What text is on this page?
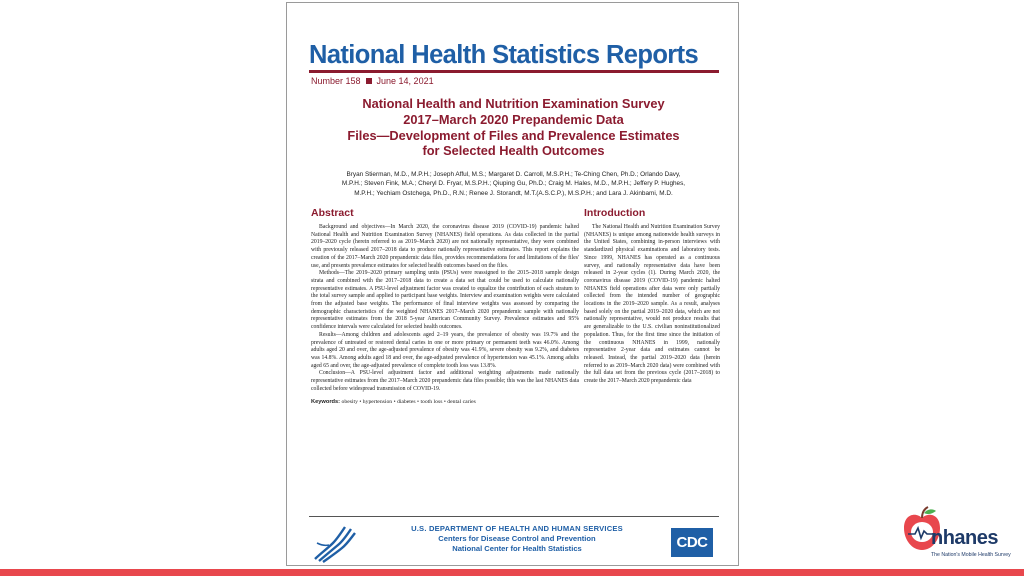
National Health Statistics Reports
Number 158 June 14, 2021
National Health and Nutrition Examination Survey
2017–March 2020 Prepandemic Data
Files—Development of Files and Prevalence Estimates
for Selected Health Outcomes
Bryan Stierman, M.D., M.P.H.; Joseph Afful, M.S.; Margaret D. Carroll, M.S.P.H.; Te-Ching Chen, Ph.D.; Orlando Davy,
M.P.H.; Steven Fink, M.A.; Cheryl D. Fryar, M.S.P.H.; Qiuping Gu, Ph.D.; Craig M. Hales, M.D., M.P.H.; Jeffery P. Hughes,
M.P.H.; Yechiam Ostchega, Ph.D., R.N.; Renee J. Storandt, M.T.(A.S.C.P.), M.S.P.H.; and Lara J. Akinbami, M.D.
Abstract

Background and objectives—In March 2020, the coronavirus disease 2019 (COVID-19) pandemic halted National Health and Nutrition Examination Survey (NHANES) field operations. As data collected in the partial 2019–2020 cycle (herein referred to as 2019–March 2020) are not nationally representative, they were combined with previously released 2017–2018 data to produce nationally representative estimates. This report explains the creation of the 2017–March 2020 prepandemic data files, provides recommendations for and limitations of the files' use, and presents prevalence estimates for selected health outcomes based on the files.

Methods—The 2019–2020 primary sampling units (PSUs) were reassigned to the 2015–2018 sample design strata and combined with the 2017–2018 data to create a data set that could be used to calculate nationally representative estimates. A PSU-level adjustment factor was created to equalize the contribution of each stratum to the total survey sample and applied to participant base weights. Interview and examination weights were calculated from the adjusted base weights. The performance of final interview weights was assessed by comparing the demographic characteristics of the weighted NHANES 2017–March 2020 prepandemic sample with nationally representative estimates from the 2018 5-year American Community Survey. Prevalence estimates and 95% confidence intervals were calculated for selected health outcomes.

Results—Among children and adolescents aged 2–19 years, the prevalence of obesity was 19.7% and the prevalence of untreated or restored dental caries in one or more primary or permanent teeth was 46.0%. Among adults aged 20 and over, the age-adjusted prevalence of obesity was 41.9%, severe obesity was 9.2%, and diabetes was 14.8%. Among adults aged 18 and over, the age-adjusted prevalence of hypertension was 45.1%. Among adults aged 65 and over, the age-adjusted prevalence of complete tooth loss was 13.8%.

Conclusion—A PSU-level adjustment factor and additional weighting adjustments made nationally representative estimates from the 2017–March 2020 prepandemic data files possible; this was the last NHANES data collected before widespread transmission of COVID-19.

Keywords: obesity • hypertension • diabetes • tooth loss • dental caries
Introduction

The National Health and Nutrition Examination Survey (NHANES) is unique among nationwide health surveys in the United States, combining in-person interviews with standardized physical examinations and laboratory tests. Since 1999, NHANES has operated as a continuous survey, and nationally representative data have been released in 2-year cycles (1). During March 2020, the coronavirus disease 2019 (COVID-19) pandemic halted NHANES field operations after data were only partially collected from the intended number of geographic locations in the 2019–2020 sample. As a result, analyses based solely on the partial 2019–2020 data, which are not nationally representative, would not produce results that are generalizable to the U.S. civilian noninstitutionalized population. Thus, for the first time since the initiation of the continuous NHANES in 1999, nationally representative 2-year data and estimates cannot be released. Instead, the partial 2019–2020 data (herein referred to as 2019–March 2020 data) were combined with the full data set from the previous cycle (2017–2018) to create the 2017–March 2020 prepandemic data

U.S. DEPARTMENT OF HEALTH AND HUMAN SERVICES
Centers for Disease Control and Prevention
National Center for Health Statistics	CDC	nhanes
The Nation's Mobile Health Survey
